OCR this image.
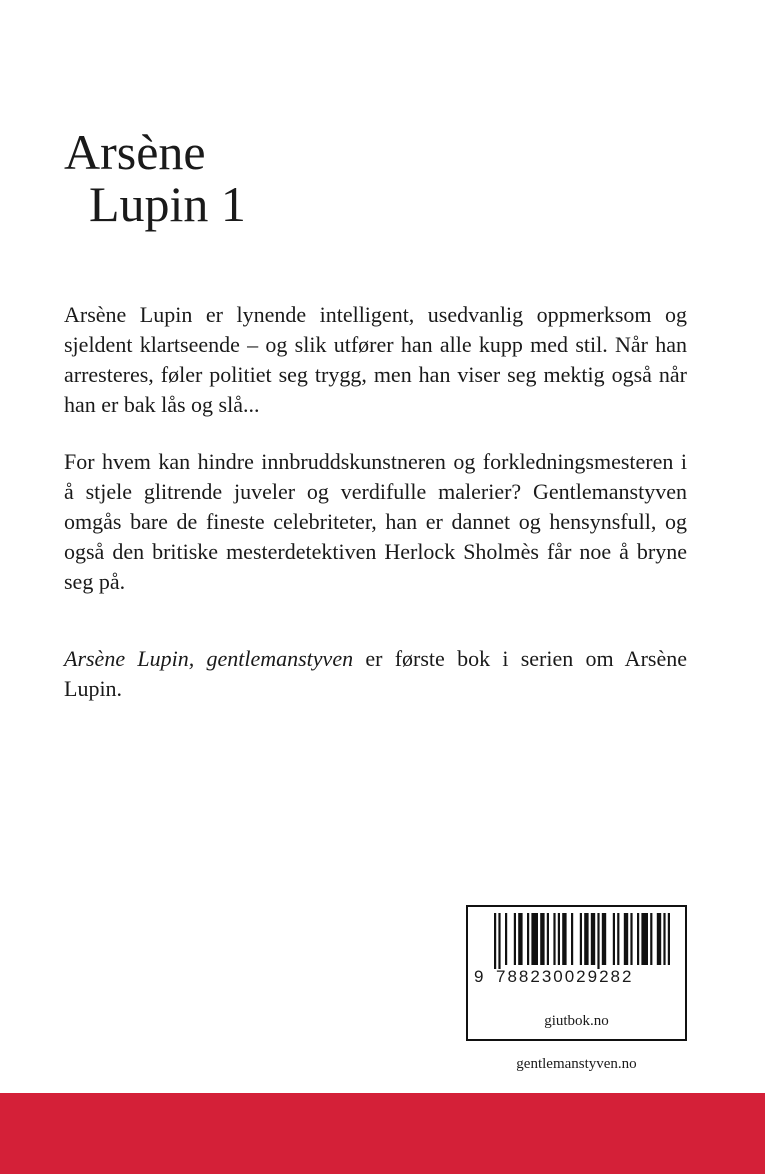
Arsène
Lupin 1

Arsène Lupin er lynende intelligent, usedvanlig oppmerksom og sjeldent klartseende – og slik utfører han alle kupp med stil. Når han arresteres, føler politiet seg trygg, men han viser seg mektig også når han er bak lås og slå...

For hvem kan hindre innbruddskunstneren og forkledningsmesteren i å stjele glitrende juveler og verdifulle malerier? Gentlemanstyven omgås bare de fineste celebriteter, han er dannet og hensynsfull, og også den britiske mesterdetektiven Herlock Sholmès får noe å bryne seg på.

Arsène Lupin, gentlemanstyven er første bok i serien om Arsène Lupin.

9 788230029282
giutbok.no
gentlemanstyven.no
